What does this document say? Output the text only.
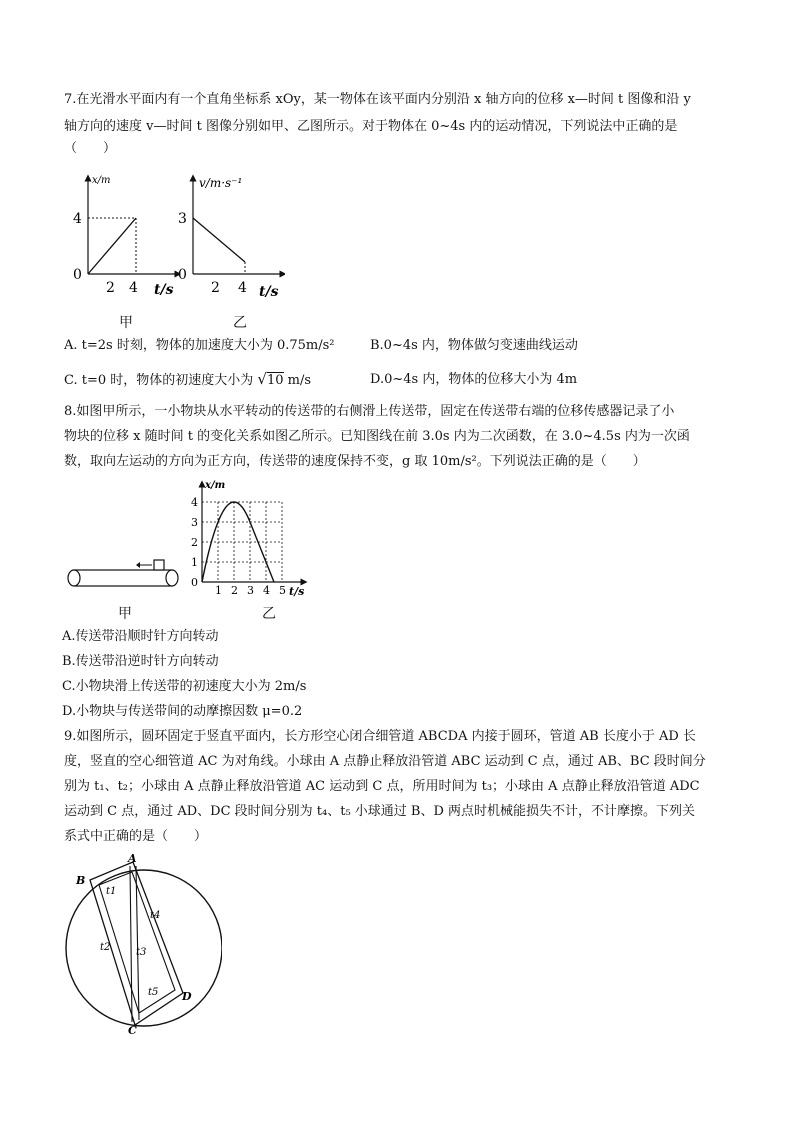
7.在光滑水平面内有一个直角坐标系 xOy，某一物体在该平面内分别沿 x 轴方向的位移 x—时间 t 图像和沿 y
轴方向的速度 v—时间 t 图像分别如甲、乙图所示。对于物体在 0~4s 内的运动情况，下列说法中正确的是
（　　）
x/m
4
0
2 4 t/s
甲
v/m·s⁻¹
3
0
2 4 t/s
乙
A. t=2s 时刻，物体的加速度大小为 0.75m/s²	B.0~4s 内，物体做匀变速曲线运动
C. t=0 时，物体的初速度大小为 √10 m/s	D.0~4s 内，物体的位移大小为 4m
8.如图甲所示，一小物块从水平转动的传送带的右侧滑上传送带，固定在传送带右端的位移传感器记录了小
物块的位移 x 随时间 t 的变化关系如图乙所示。已知图线在前 3.0s 内为二次函数，在 3.0~4.5s 内为一次函
数，取向左运动的方向为正方向，传送带的速度保持不变，g 取 10m/s²。下列说法正确的是（　　）
甲
x/m
4
3
2
1
0
1 2 3 4 5 t/s
乙
A.传送带沿顺时针方向转动
B.传送带沿逆时针方向转动
C.小物块滑上传送带的初速度大小为 2m/s
D.小物块与传送带间的动摩擦因数 μ=0.2
9.如图所示，圆环固定于竖直平面内，长方形空心闭合细管道 ABCDA 内接于圆环，管道 AB 长度小于 AD 长
度，竖直的空心细管道 AC 为对角线。小球由 A 点静止释放沿管道 ABC 运动到 C 点，通过 AB、BC 段时间分
别为 t₁、t₂；小球由 A 点静止释放沿管道 AC 运动到 C 点，所用时间为 t₃；小球由 A 点静止释放沿管道 ADC
运动到 C 点，通过 AD、DC 段时间分别为 t₄、t₅ 小球通过 B、D 两点时机械能损失不计，不计摩擦。下列关
系式中正确的是（　　）
A
B
C
D
t1
t2	t3
t4
t5
